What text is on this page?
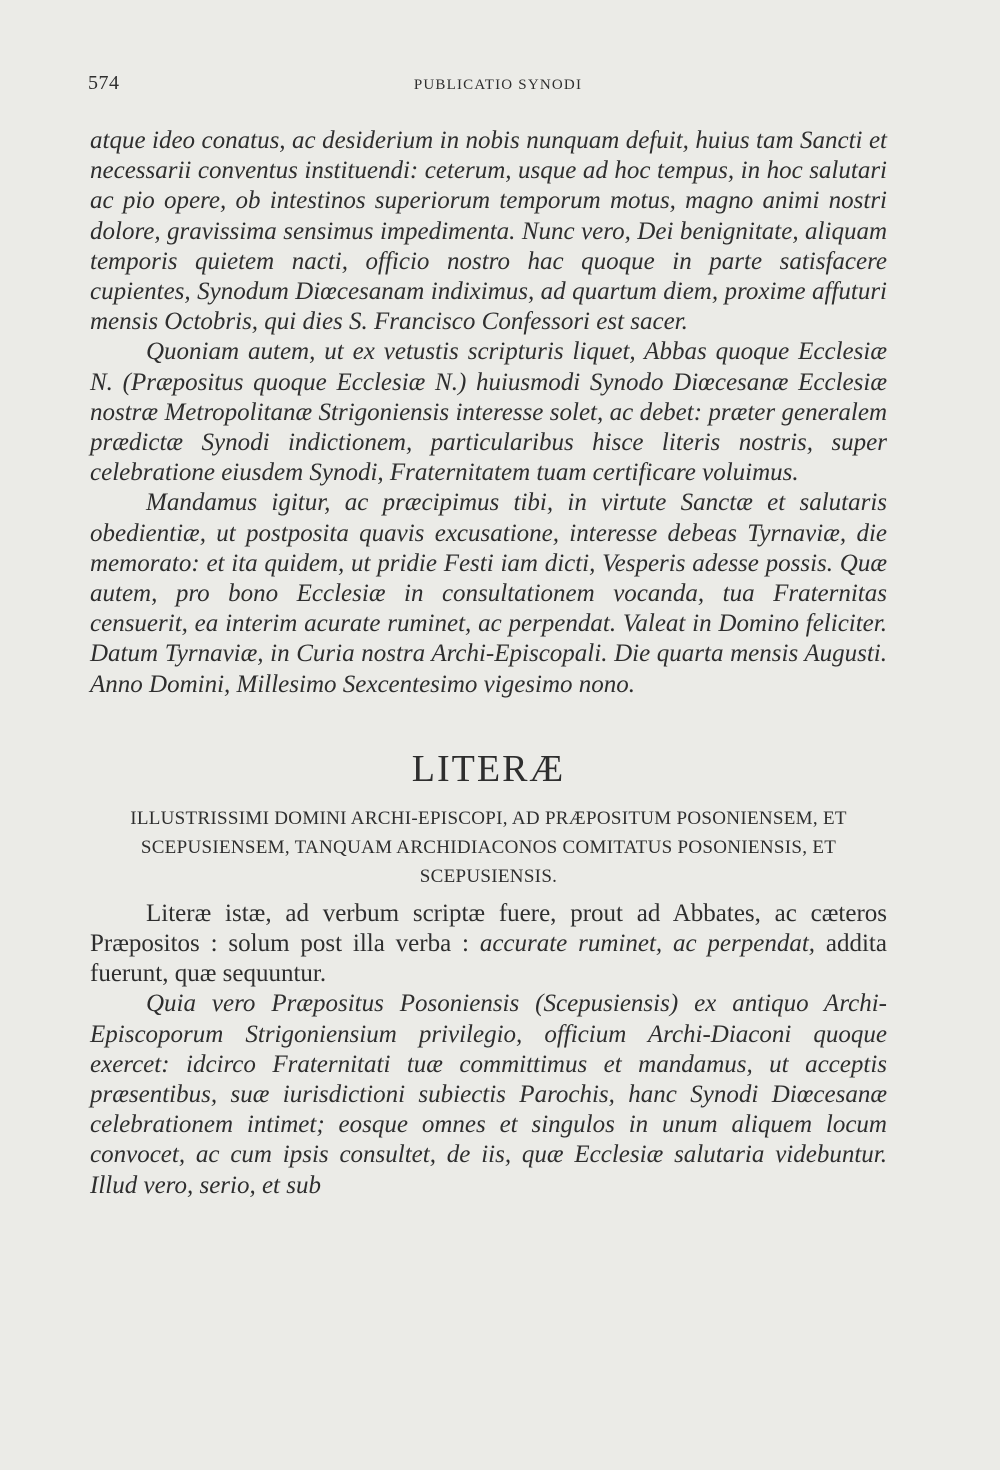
574	PUBLICATIO SYNODI

atque ideo conatus, ac desiderium in nobis nunquam defuit, huius tam Sancti et necessarii conventus instituendi: ceterum, usque ad hoc tempus, in hoc salutari ac pio opere, ob intestinos superiorum temporum motus, magno animi nostri dolore, gravissima sensimus impedimenta. Nunc vero, Dei benignitate, aliquam temporis quietem nacti, officio nostro hac quoque in parte satisfacere cupientes, Synodum Diœcesanam indiximus, ad quartum diem, proxime affuturi mensis Octobris, qui dies S. Francisco Confessori est sacer.

Quoniam autem, ut ex vetustis scripturis liquet, Abbas quoque Ecclesiæ N. (Præpositus quoque Ecclesiæ N.) huiusmodi Synodo Diœcesanæ Ecclesiæ nostræ Metropolitanæ Strigoniensis interesse solet, ac debet: præter generalem prædictæ Synodi indictionem, particularibus hisce literis nostris, super celebratione eiusdem Synodi, Fraternitatem tuam certificare voluimus.

Mandamus igitur, ac præcipimus tibi, in virtute Sanctæ et salutaris obedientiæ, ut postposita quavis excusatione, interesse debeas Tyrnaviæ, die memorato: et ita quidem, ut pridie Festi iam dicti, Vesperis adesse possis. Quæ autem, pro bono Ecclesiæ in consultationem vocanda, tua Fraternitas censuerit, ea interim acurate ruminet, ac perpendat. Valeat in Domino feliciter. Datum Tyrnaviæ, in Curia nostra Archi-Episcopali. Die quarta mensis Augusti. Anno Domini, Millesimo Sexcentesimo vigesimo nono.

LITERÆ

ILLUSTRISSIMI DOMINI ARCHI-EPISCOPI, AD PRÆPOSITUM POSONIENSEM, ET SCEPUSIENSEM, TANQUAM ARCHIDIACONOS COMITATUS POSONIENSIS, ET SCEPUSIENSIS.

Literæ istæ, ad verbum scriptæ fuere, prout ad Abbates, ac cæteros Præpositos : solum post illa verba : accurate ruminet, ac perpendat, addita fuerunt, quæ sequuntur.

Quia vero Præpositus Posoniensis (Scepusiensis) ex antiquo Archi-Episcoporum Strigoniensium privilegio, officium Archi-Diaconi quoque exercet: idcirco Fraternitati tuæ committimus et mandamus, ut acceptis præsentibus, suæ iurisdictioni subiectis Parochis, hanc Synodi Diœcesanæ celebrationem intimet; eosque omnes et singulos in unum aliquem locum convocet, ac cum ipsis consultet, de iis, quæ Ecclesiæ salutaria videbuntur. Illud vero, serio, et sub
